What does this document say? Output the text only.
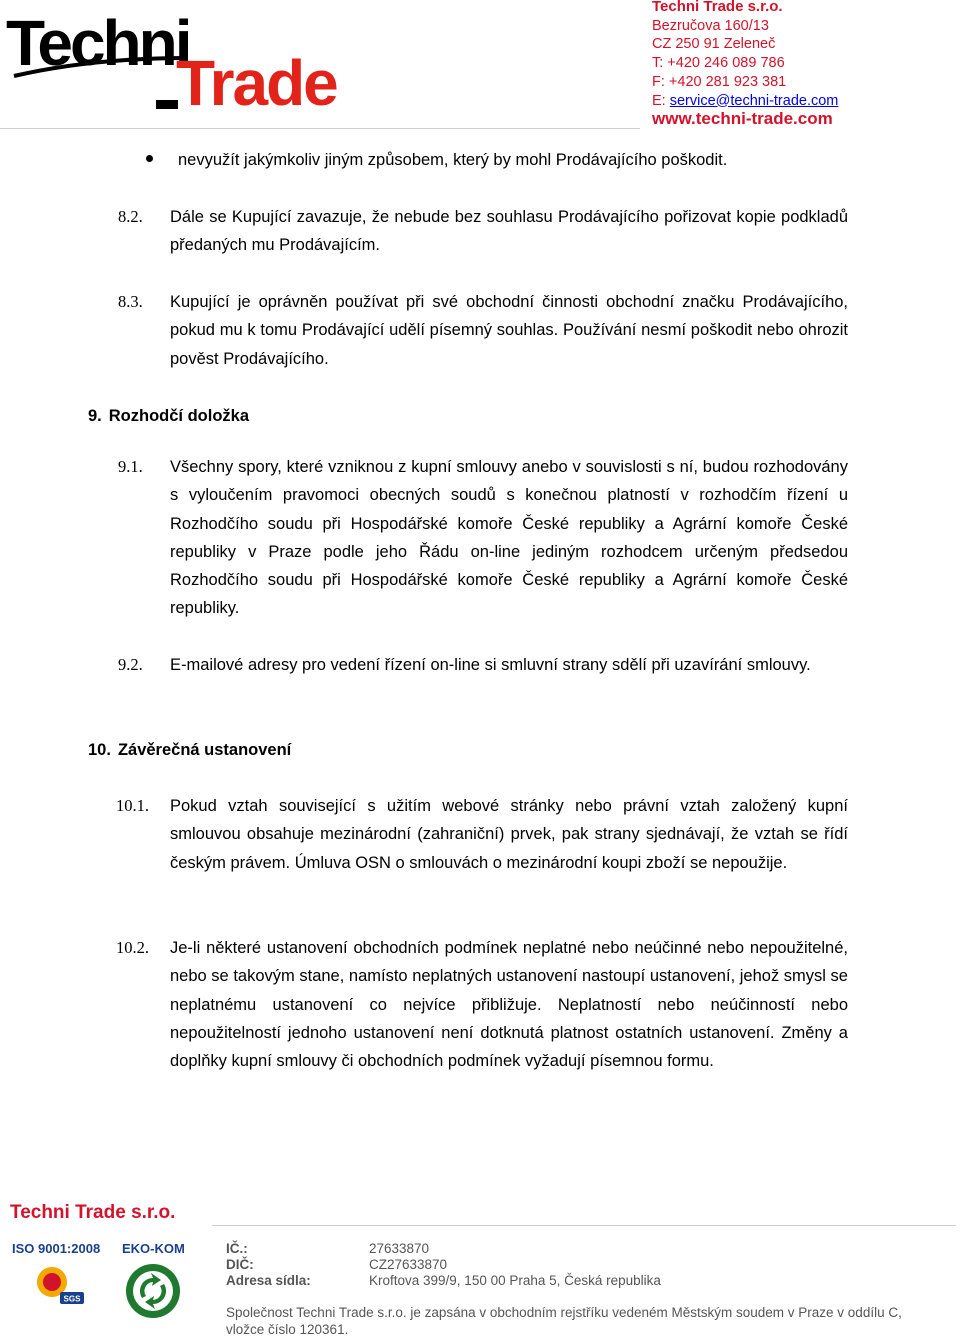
Techni
Trade
Techni Trade s.r.o.
Bezručova 160/13
CZ 250 91 Zeleneč
T: +420 246 089 786
F: +420 281 923 381
E: service@techni-trade.com
www.techni-trade.com
nevyužít jakýmkoliv jiným způsobem, který by mohl Prodávajícího poškodit.
8.2. Dále se Kupující zavazuje, že nebude bez souhlasu Prodávajícího pořizovat kopie podkladů předaných mu Prodávajícím.
8.3. Kupující je oprávněn používat při své obchodní činnosti obchodní značku Prodávajícího, pokud mu k tomu Prodávající udělí písemný souhlas. Používání nesmí poškodit nebo ohrozit pověst Prodávajícího.
9. Rozhodčí doložka
9.1. Všechny spory, které vzniknou z kupní smlouvy anebo v souvislosti s ní, budou rozhodovány s vyloučením pravomoci obecných soudů s konečnou platností v rozhodčím řízení u Rozhodčího soudu při Hospodářské komoře České republiky a Agrární komoře České republiky v Praze podle jeho Řádu on-line jediným rozhodcem určeným předsedou Rozhodčího soudu při Hospodářské komoře České republiky a Agrární komoře České republiky.
9.2. E-mailové adresy pro vedení řízení on-line si smluvní strany sdělí při uzavírání smlouvy.
10. Závěrečná ustanovení
10.1. Pokud vztah související s užitím webové stránky nebo právní vztah založený kupní smlouvou obsahuje mezinárodní (zahraniční) prvek, pak strany sjednávají, že vztah se řídí českým právem. Úmluva OSN o smlouvách o mezinárodní koupi zboží se nepoužije.
10.2. Je-li některé ustanovení obchodních podmínek neplatné nebo neúčinné nebo nepoužitelné, nebo se takovým stane, namísto neplatných ustanovení nastoupí ustanovení, jehož smysl se neplatnému ustanovení co nejvíce přibližuje. Neplatností nebo neúčinností nebo nepoužitelností jednoho ustanovení není dotknutá platnost ostatních ustanovení. Změny a doplňky kupní smlouvy či obchodních podmínek vyžadují písemnou formu.
Techni Trade s.r.o.
ISO 9001:2008 EKO-KOM
SGS
IČ.:	27633870
DIČ:	CZ27633870
Adresa sídla:	Kroftova 399/9, 150 00 Praha 5, Česká republika
Společnost Techni Trade s.r.o. je zapsána v obchodním rejstříku vedeném Městským soudem v Praze v oddílu C, vložce číslo 120361.
